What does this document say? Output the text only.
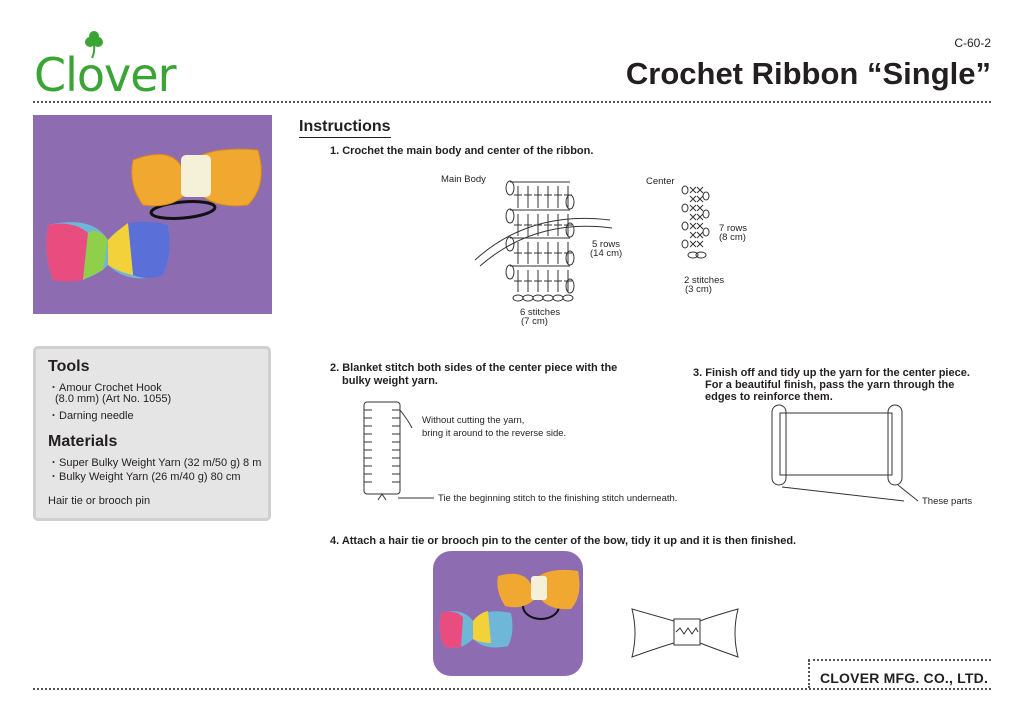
Clover
C-60-2
Crochet Ribbon “Single”
Tools
・Amour Crochet Hook
(8.0 mm) (Art No. 1055)
・Darning needle
Materials
・Super Bulky Weight Yarn (32 m/50 g) 8 m
・Bulky Weight Yarn (26 m/40 g) 80 cm
Hair tie or brooch pin
Instructions
1. Crochet the main body and center of the ribbon.
Main Body
5 rows
(14 cm)
6 stitches
(7 cm)
Center
7 rows
(8 cm)
2 stitches
(3 cm)
2. Blanket stitch both sides of the center piece with the
bulky weight yarn.
Without cutting the yarn,
bring it around to the reverse side.
Tie the beginning stitch to the finishing stitch underneath.
3. Finish off and tidy up the yarn for the center piece.
For a beautiful finish, pass the yarn through the
edges to reinforce them.
These parts
4. Attach a hair tie or brooch pin to the center of the bow, tidy it up and it is then finished.
CLOVER MFG. CO., LTD.
